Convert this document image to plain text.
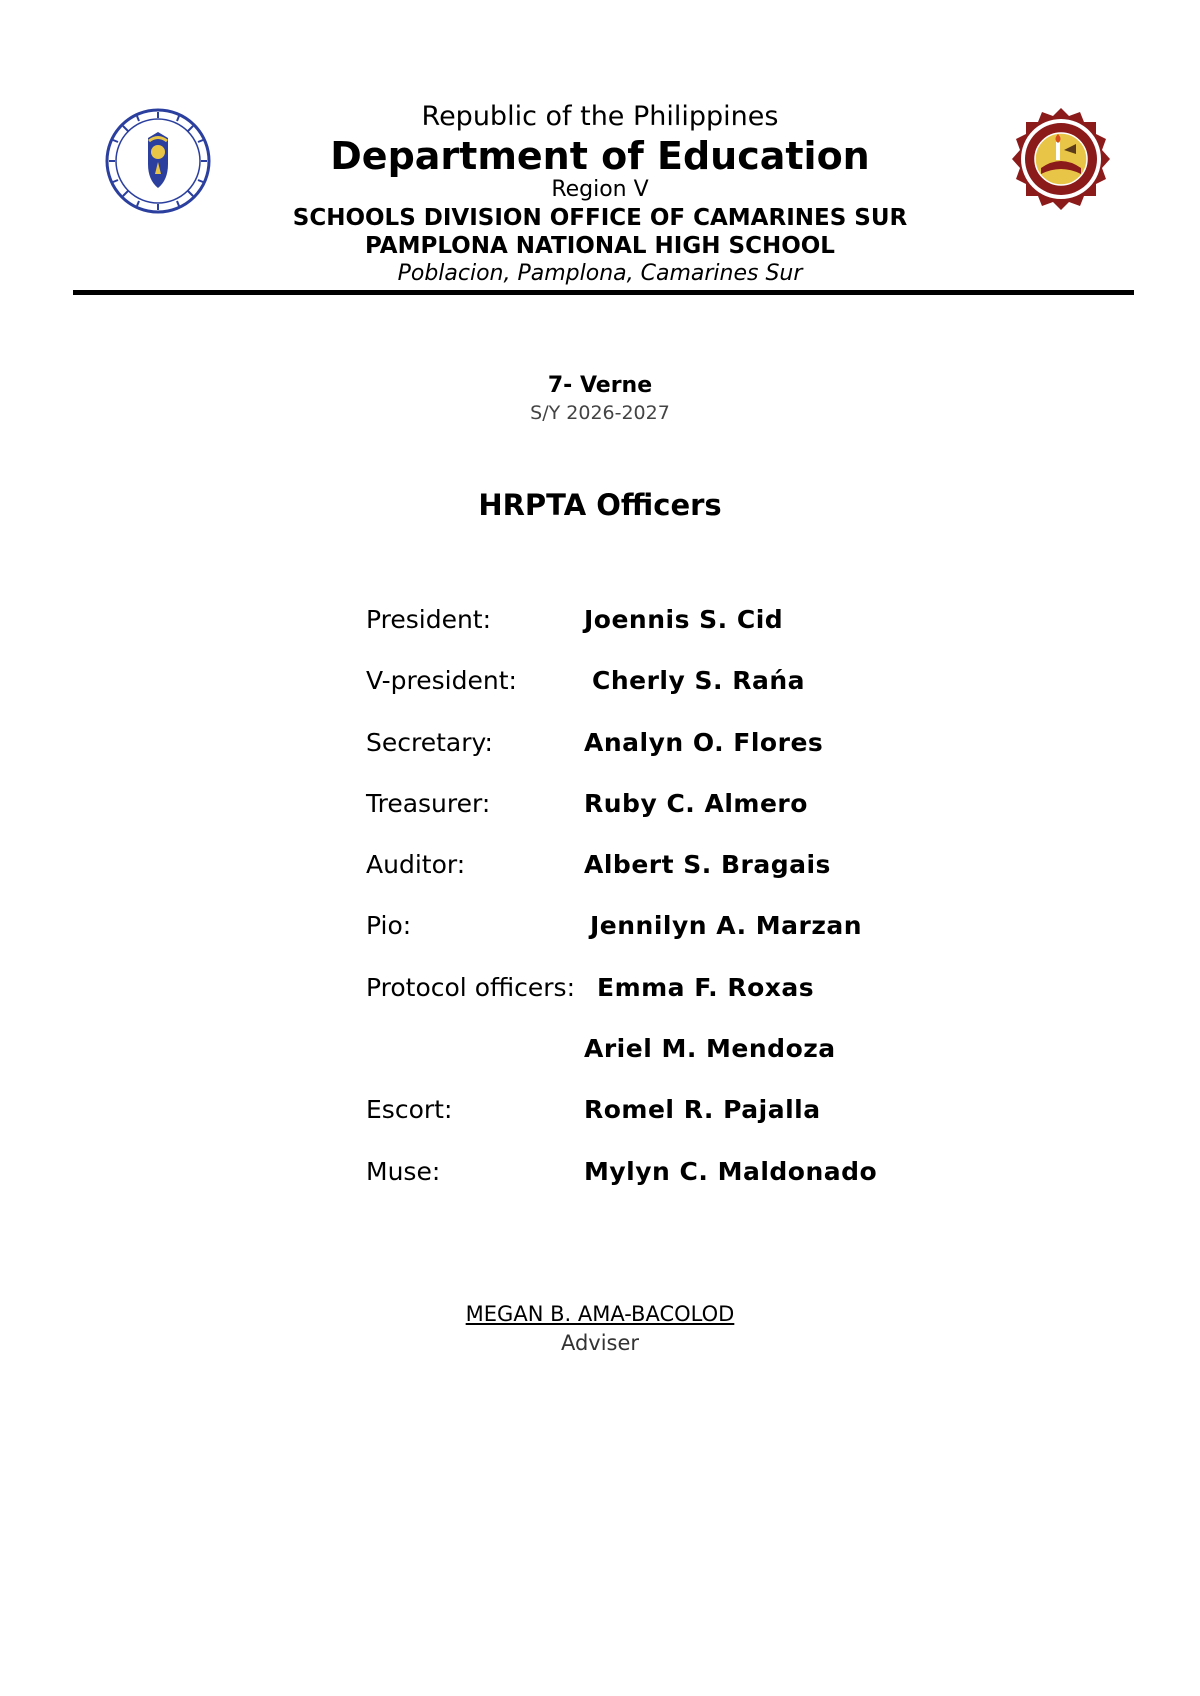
Republic of the Philippines
Department of Education
Region V
SCHOOLS DIVISION OFFICE OF CAMARINES SUR
PAMPLONA NATIONAL HIGH SCHOOL
Poblacion, Pamplona, Camarines Sur
7- Verne
S/Y 2026-2027
HRPTA Officers
President:	Joennis S. Cid
V-president:	Cherly S. Rańa
Secretary:	Analyn O. Flores
Treasurer:	Ruby C. Almero
Auditor:	Albert S. Bragais
Pio:	Jennilyn A. Marzan
Protocol officers: Emma F. Roxas
Ariel M. Mendoza
Escort:	Romel R. Pajalla
Muse:	Mylyn C. Maldonado
MEGAN B. AMA-BACOLOD
Adviser
